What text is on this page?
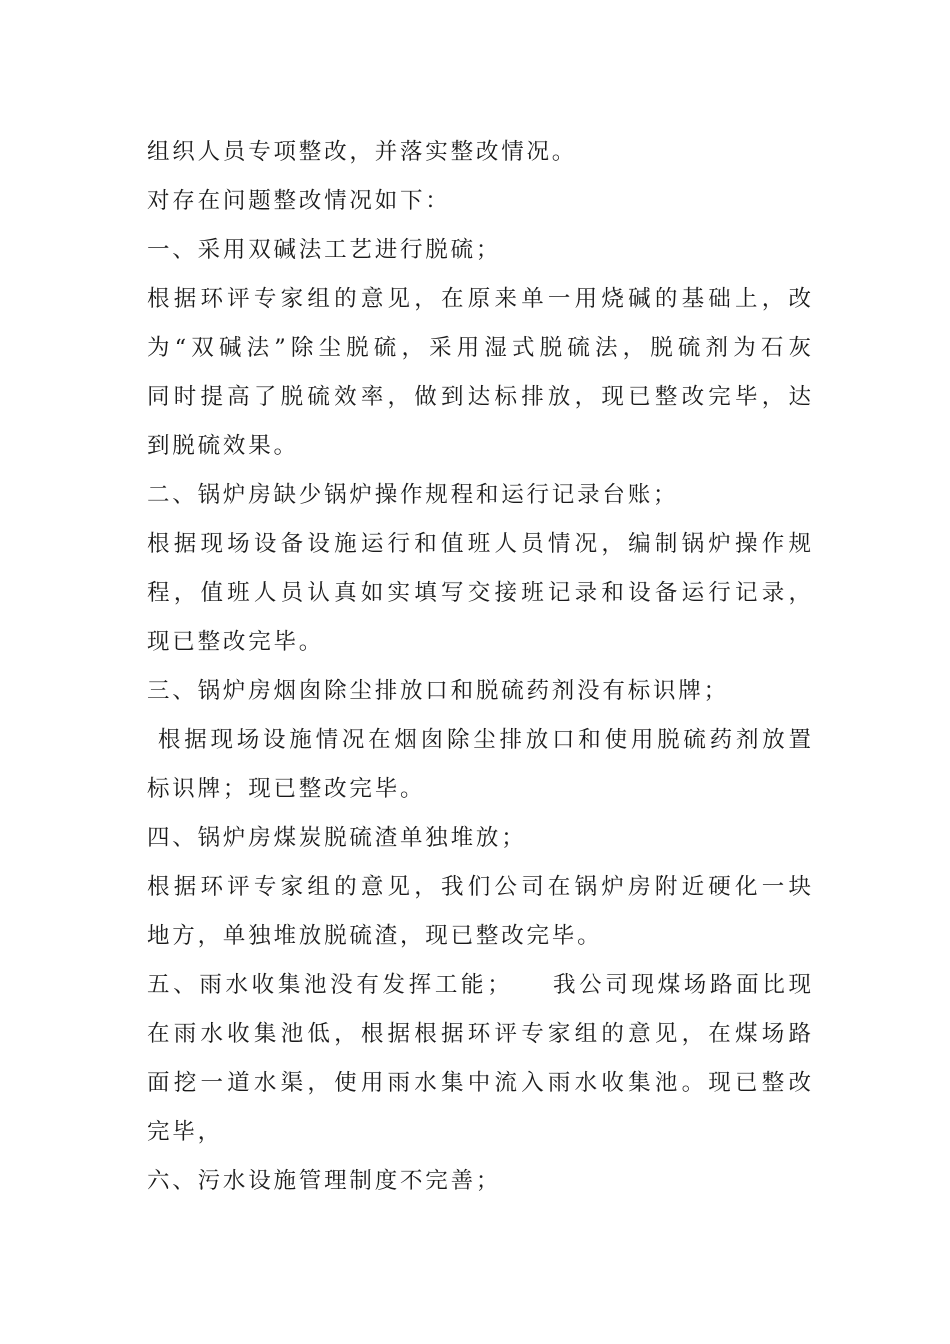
组织人员专项整改，并落实整改情况。
对存在问题整改情况如下：
一、采用双碱法工艺进行脱硫；
根据环评专家组的意见，在原来单一用烧碱的基础上，改
为“双碱法”除尘脱硫，采用湿式脱硫法，脱硫剂为石灰
同时提高了脱硫效率，做到达标排放，现已整改完毕，达
到脱硫效果。
二、锅炉房缺少锅炉操作规程和运行记录台账；
根据现场设备设施运行和值班人员情况，编制锅炉操作规
程，值班人员认真如实填写交接班记录和设备运行记录，
现已整改完毕。
三、锅炉房烟囱除尘排放口和脱硫药剂没有标识牌；
根据现场设施情况在烟囱除尘排放口和使用脱硫药剂放置
标识牌；现已整改完毕。
四、锅炉房煤炭脱硫渣单独堆放；
根据环评专家组的意见，我们公司在锅炉房附近硬化一块
地方，单独堆放脱硫渣，现已整改完毕。
五、雨水收集池没有发挥工能；    我公司现煤场路面比现
在雨水收集池低，根据根据环评专家组的意见，在煤场路
面挖一道水渠，使用雨水集中流入雨水收集池。现已整改
完毕，
六、污水设施管理制度不完善；
